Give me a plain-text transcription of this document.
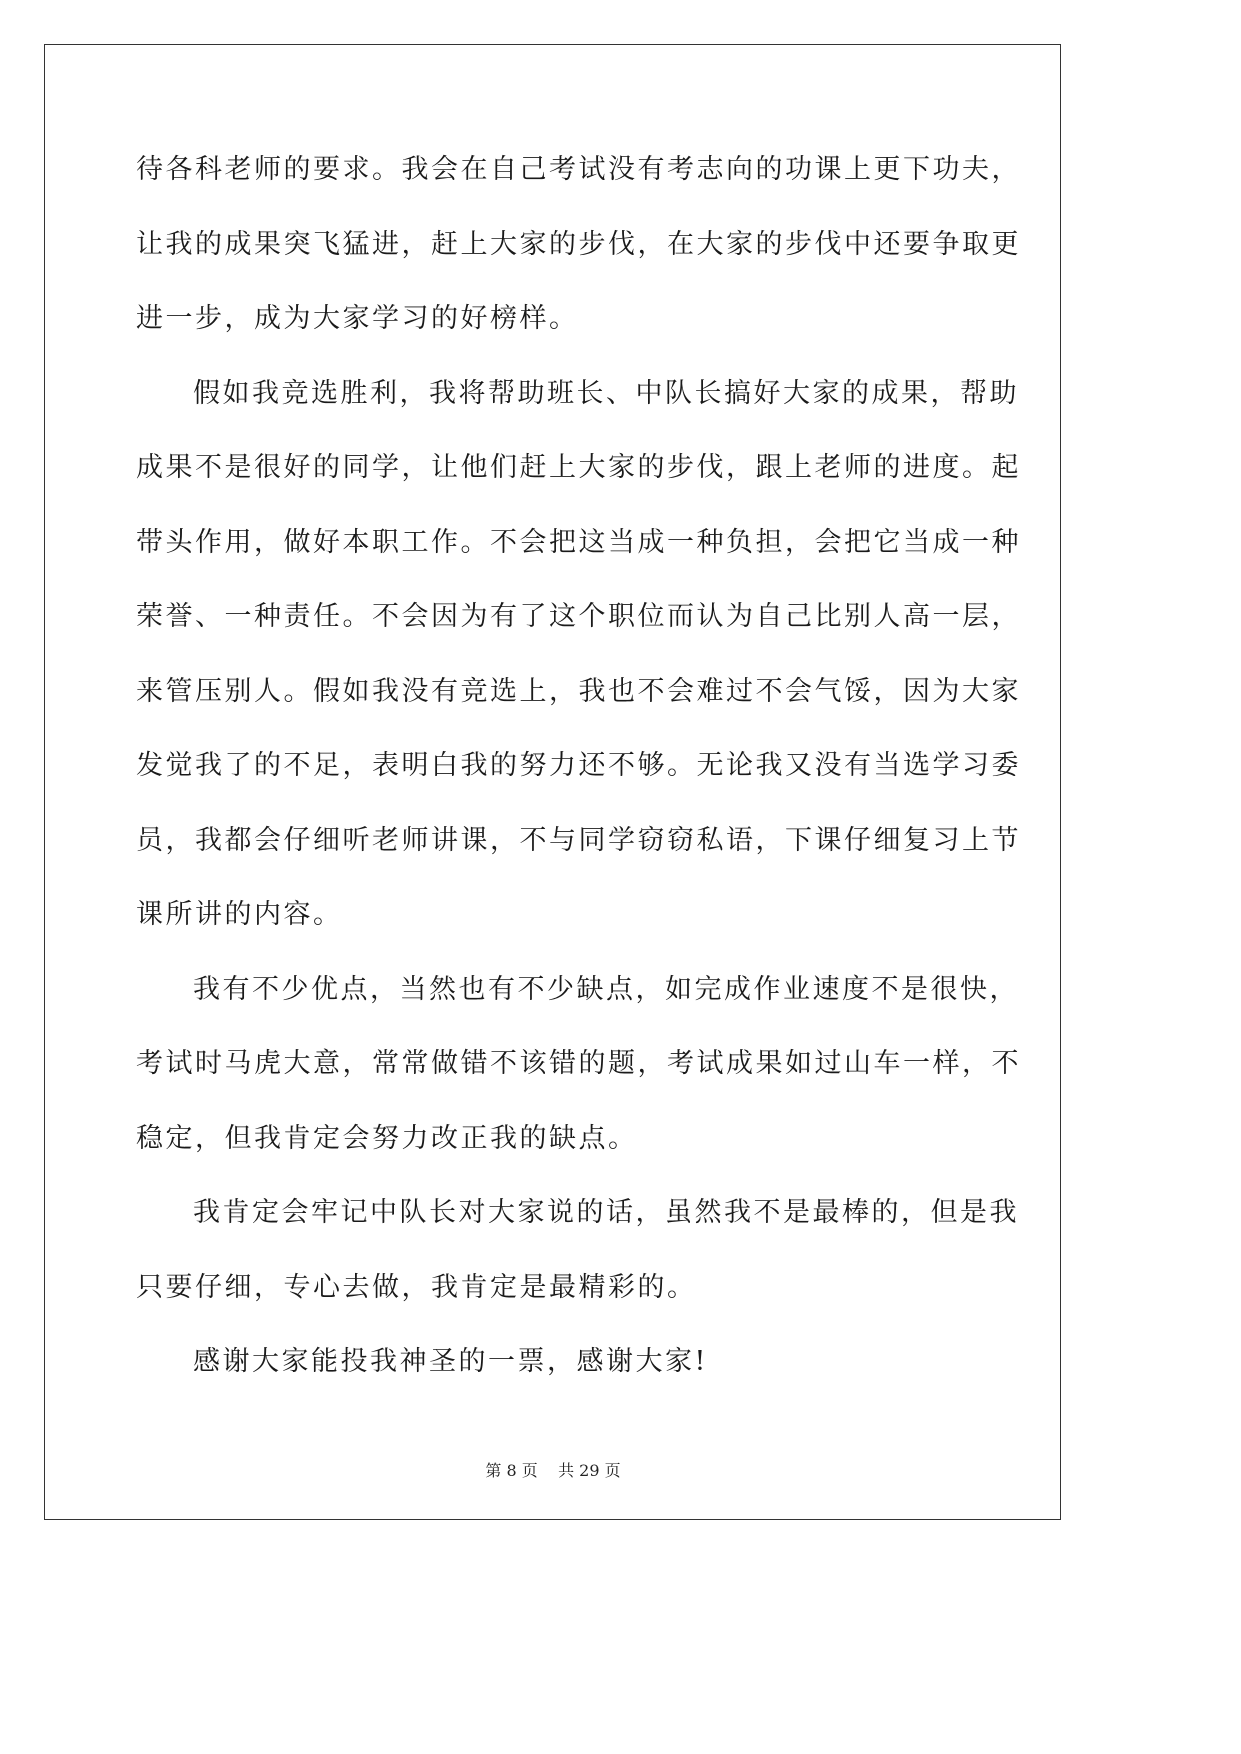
待各科老师的要求。我会在自己考试没有考志向的功课上更下功夫，
让我的成果突飞猛进，赶上大家的步伐，在大家的步伐中还要争取更
进一步，成为大家学习的好榜样。
假如我竞选胜利，我将帮助班长、中队长搞好大家的成果，帮助
成果不是很好的同学，让他们赶上大家的步伐，跟上老师的进度。起
带头作用，做好本职工作。不会把这当成一种负担，会把它当成一种
荣誉、一种责任。不会因为有了这个职位而认为自己比别人高一层，
来管压别人。假如我没有竞选上，我也不会难过不会气馁，因为大家
发觉我了的不足，表明白我的努力还不够。无论我又没有当选学习委
员，我都会仔细听老师讲课，不与同学窃窃私语，下课仔细复习上节
课所讲的内容。
我有不少优点，当然也有不少缺点，如完成作业速度不是很快，
考试时马虎大意，常常做错不该错的题，考试成果如过山车一样，不
稳定，但我肯定会努力改正我的缺点。
我肯定会牢记中队长对大家说的话，虽然我不是最棒的，但是我
只要仔细，专心去做，我肯定是最精彩的。
感谢大家能投我神圣的一票，感谢大家!
第 8 页    共 29 页
